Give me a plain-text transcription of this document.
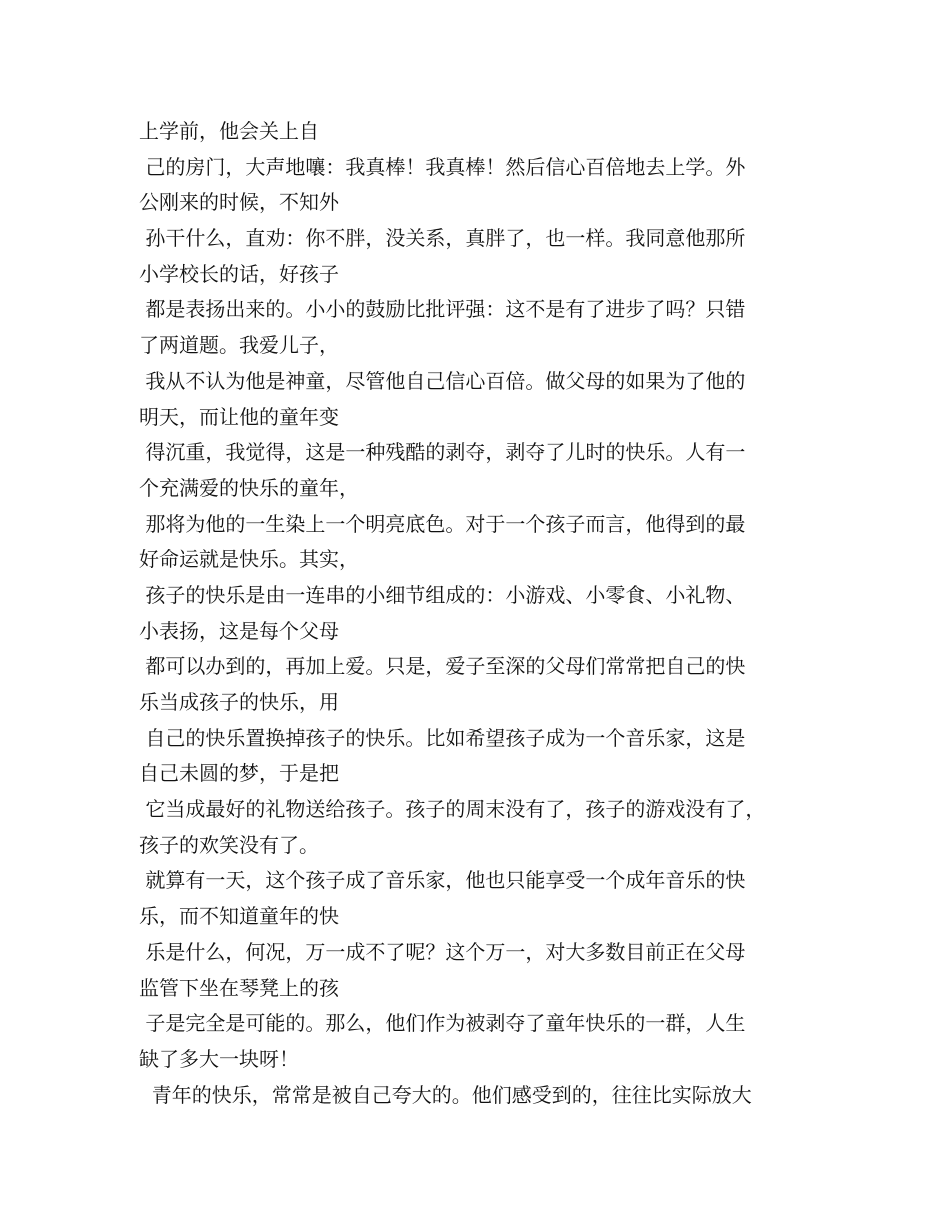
上学前，他会关上自
己的房门，大声地嚷：我真棒！我真棒！然后信心百倍地去上学。外
公刚来的时候，不知外
孙干什么，直劝：你不胖，没关系，真胖了，也一样。我同意他那所
小学校长的话，好孩子
都是表扬出来的。小小的鼓励比批评强：这不是有了进步了吗？只错
了两道题。我爱儿子，
我从不认为他是神童，尽管他自己信心百倍。做父母的如果为了他的
明天，而让他的童年变
得沉重，我觉得，这是一种残酷的剥夺，剥夺了儿时的快乐。人有一
个充满爱的快乐的童年，
那将为他的一生染上一个明亮底色。对于一个孩子而言，他得到的最
好命运就是快乐。其实，
孩子的快乐是由一连串的小细节组成的：小游戏、小零食、小礼物、
小表扬，这是每个父母
都可以办到的，再加上爱。只是，爱子至深的父母们常常把自己的快
乐当成孩子的快乐，用
自己的快乐置换掉孩子的快乐。比如希望孩子成为一个音乐家，这是
自己未圆的梦，于是把
它当成最好的礼物送给孩子。孩子的周末没有了，孩子的游戏没有了，
孩子的欢笑没有了。
就算有一天，这个孩子成了音乐家，他也只能享受一个成年音乐的快
乐，而不知道童年的快
乐是什么，何况，万一成不了呢？这个万一，对大多数目前正在父母
监管下坐在琴凳上的孩
子是完全是可能的。那么，他们作为被剥夺了童年快乐的一群，人生
缺了多大一块呀！
青年的快乐，常常是被自己夸大的。他们感受到的，往往比实际放大
